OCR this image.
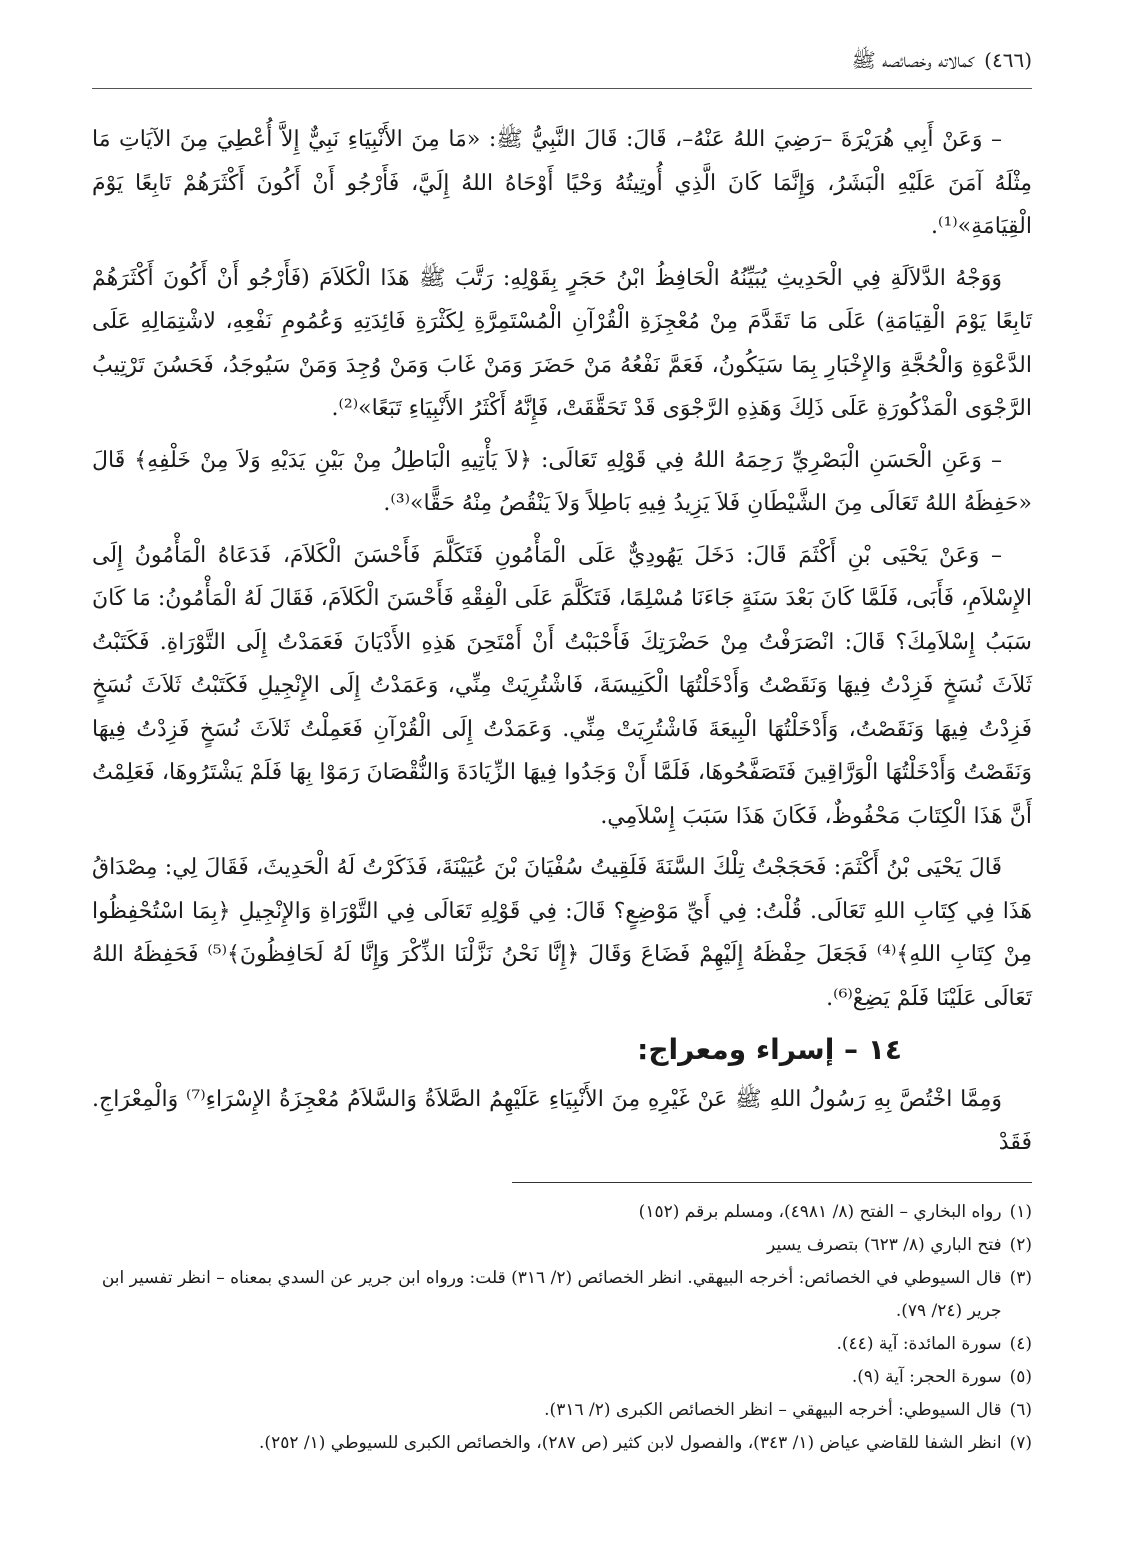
(٤٦٦)
كمالاته وخصائصه ﷺ

– وَعَنْ أَبِي هُرَيْرَةَ –رَضِيَ اللهُ عَنْهُ–، قَالَ: قَالَ النَّبِيُّ ﷺ: «مَا مِنَ الأَنْبِيَاءِ نَبِيٌّ إِلاَّ أُعْطِيَ مِنَ الآيَاتِ مَا مِثْلَهُ آمَنَ عَلَيْهِ الْبَشَرُ، وَإِنَّمَا كَانَ الَّذِي أُوتِيتُهُ وَحْيًا أَوْحَاهُ اللهُ إِلَيَّ، فَأَرْجُو أَنْ أَكُونَ أَكْثَرَهُمْ تَابِعًا يَوْمَ الْقِيَامَةِ»⁽¹⁾.

وَوَجْهُ الدَّلاَلَةِ فِي الْحَدِيثِ يُبَيِّنُهُ الْحَافِظُ ابْنُ حَجَرٍ بِقَوْلِهِ: رَتَّبَ ﷺ هَذَا الْكَلاَمَ (فَأَرْجُو أَنْ أَكُونَ أَكْثَرَهُمْ تَابِعًا يَوْمَ الْقِيَامَةِ) عَلَى مَا تَقَدَّمَ مِنْ مُعْجِزَةِ الْقُرْآنِ الْمُسْتَمِرَّةِ لِكَثْرَةِ فَائِدَتِهِ وَعُمُومِ نَفْعِهِ، لاشْتِمَالِهِ عَلَى الدَّعْوَةِ وَالْحُجَّةِ وَالإِخْبَارِ بِمَا سَيَكُونُ، فَعَمَّ نَفْعُهُ مَنْ حَضَرَ وَمَنْ غَابَ وَمَنْ وُجِدَ وَمَنْ سَيُوجَدُ، فَحَسُنَ تَرْتِيبُ الرَّجْوَى الْمَذْكُورَةِ عَلَى ذَلِكَ وَهَذِهِ الرَّجْوَى قَدْ تَحَقَّقَتْ، فَإِنَّهُ أَكْثَرُ الأَنْبِيَاءِ تَبَعًا»⁽²⁾.

– وَعَنِ الْحَسَنِ الْبَصْرِيِّ رَحِمَهُ اللهُ فِي قَوْلِهِ تَعَالَى: ﴿لاَ يَأْتِيهِ الْبَاطِلُ مِنْ بَيْنِ يَدَيْهِ وَلاَ مِنْ خَلْفِهِ﴾ قَالَ «حَفِظَهُ اللهُ تَعَالَى مِنَ الشَّيْطَانِ فَلاَ يَزِيدُ فِيهِ بَاطِلاً وَلاَ يَنْقُصُ مِنْهُ حَقًّا»⁽³⁾.

– وَعَنْ يَحْيَى بْنِ أَكْثَمَ قَالَ: دَخَلَ يَهُودِيٌّ عَلَى الْمَأْمُونِ فَتَكَلَّمَ فَأَحْسَنَ الْكَلاَمَ، فَدَعَاهُ الْمَأْمُونُ إِلَى الإِسْلاَمِ، فَأَبَى، فَلَمَّا كَانَ بَعْدَ سَنَةٍ جَاءَنَا مُسْلِمًا، فَتَكَلَّمَ عَلَى الْفِقْهِ فَأَحْسَنَ الْكَلاَمَ، فَقَالَ لَهُ الْمَأْمُونُ: مَا كَانَ سَبَبُ إِسْلاَمِكَ؟ قَالَ: انْصَرَفْتُ مِنْ حَضْرَتِكَ فَأَحْبَبْتُ أَنْ أَمْتَحِنَ هَذِهِ الأَدْيَانَ فَعَمَدْتُ إِلَى التَّوْرَاةِ. فَكَتَبْتُ ثَلاَثَ نُسَخٍ فَزِدْتُ فِيهَا وَنَقَصْتُ وَأَدْخَلْتُهَا الْكَنِيسَةَ، فَاشْتُرِيَتْ مِنِّي، وَعَمَدْتُ إِلَى الإِنْجِيلِ فَكَتَبْتُ ثَلاَثَ نُسَخٍ فَزِدْتُ فِيهَا وَنَقَصْتُ، وَأَدْخَلْتُهَا الْبِيعَةَ فَاشْتُرِيَتْ مِنِّي. وَعَمَدْتُ إِلَى الْقُرْآنِ فَعَمِلْتُ ثَلاَثَ نُسَخٍ فَزِدْتُ فِيهَا وَنَقَصْتُ وَأَدْخَلْتُهَا الْوَرَّاقِينَ فَتَصَفَّحُوهَا، فَلَمَّا أَنْ وَجَدُوا فِيهَا الزِّيَادَةَ وَالنُّقْصَانَ رَمَوْا بِهَا فَلَمْ يَشْتَرُوهَا، فَعَلِمْتُ أَنَّ هَذَا الْكِتَابَ مَحْفُوظٌ، فَكَانَ هَذَا سَبَبَ إِسْلاَمِي.

قَالَ يَحْيَى بْنُ أَكْثَمَ: فَحَجَجْتُ تِلْكَ السَّنَةَ فَلَقِيتُ سُفْيَانَ بْنَ عُيَيْنَةَ، فَذَكَرْتُ لَهُ الْحَدِيثَ، فَقَالَ لِي: مِصْدَاقُ هَذَا فِي كِتَابِ اللهِ تَعَالَى. قُلْتُ: فِي أَيِّ مَوْضِعٍ؟ قَالَ: فِي قَوْلِهِ تَعَالَى فِي التَّوْرَاةِ وَالإِنْجِيلِ ﴿بِمَا اسْتُحْفِظُوا مِنْ كِتَابِ اللهِ﴾⁽⁴⁾ فَجَعَلَ حِفْظَهُ إِلَيْهِمْ فَضَاعَ وَقَالَ ﴿إِنَّا نَحْنُ نَزَّلْنَا الذِّكْرَ وَإِنَّا لَهُ لَحَافِظُونَ﴾⁽⁵⁾ فَحَفِظَهُ اللهُ تَعَالَى عَلَيْنَا فَلَمْ يَضِعْ⁽⁶⁾.

١٤ – إسراء ومعراج:

وَمِمَّا اخْتُصَّ بِهِ رَسُولُ اللهِ ﷺ عَنْ غَيْرِهِ مِنَ الأَنْبِيَاءِ عَلَيْهِمُ الصَّلاَةُ وَالسَّلاَمُ مُعْجِزَةُ الإِسْرَاءِ⁽⁷⁾ وَالْمِعْرَاجِ. فَقَدْ

(١)
رواه البخاري – الفتح (٨/ ٤٩٨١)، ومسلم برقم (١٥٢)
(٢)
فتح الباري (٨/ ٦٢٣) بتصرف يسير
(٣)
قال السيوطي في الخصائص: أخرجه البيهقي. انظر الخصائص (٢/ ٣١٦) قلت: ورواه ابن جرير عن السدي بمعناه – انظر تفسير ابن جرير (٢٤/ ٧٩).
(٤)
سورة المائدة: آية (٤٤).
(٥)
سورة الحجر: آية (٩).
(٦)
قال السيوطي: أخرجه البيهقي – انظر الخصائص الكبرى (٢/ ٣١٦).
(٧)
انظر الشفا للقاضي عياض (١/ ٣٤٣)، والفصول لابن كثير (ص ٢٨٧)، والخصائص الكبرى للسيوطي (١/ ٢٥٢).
